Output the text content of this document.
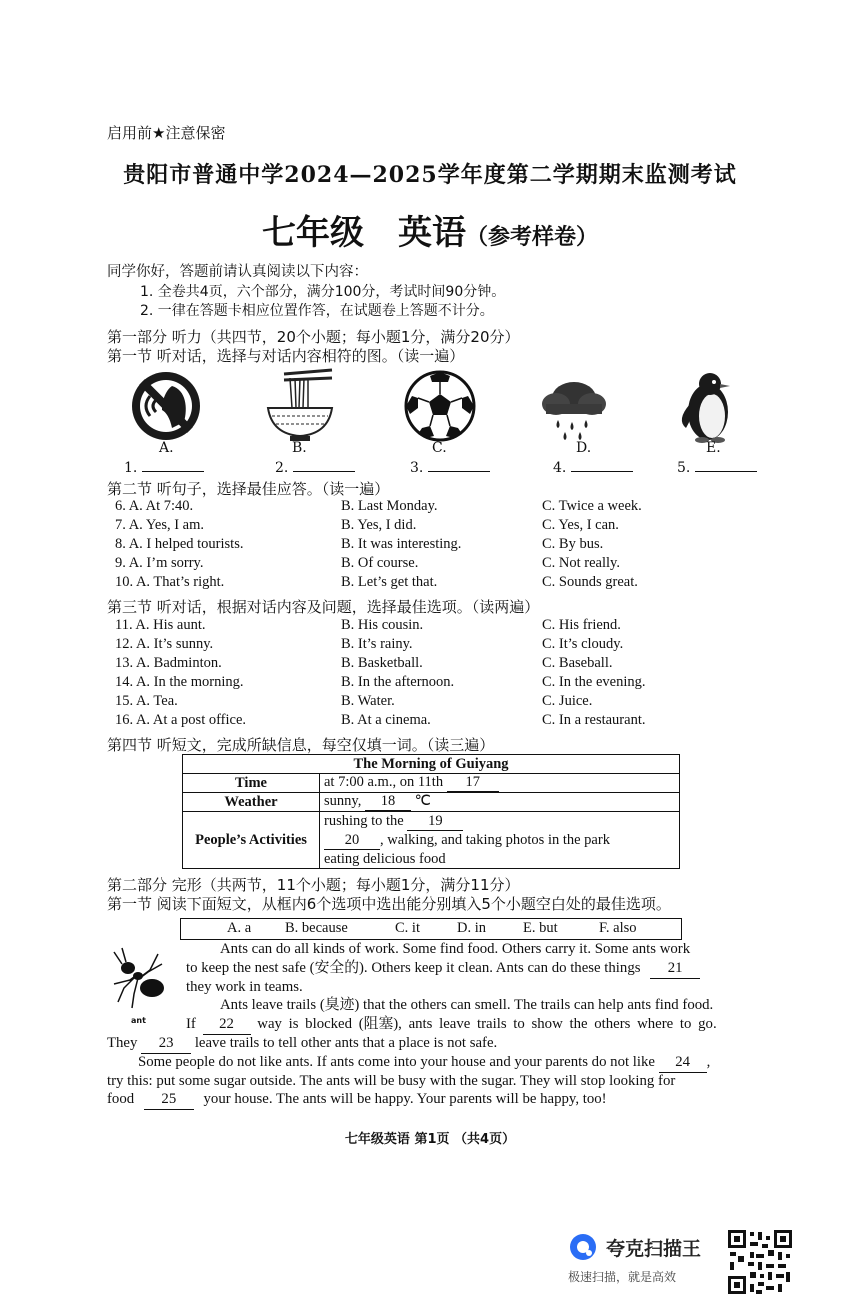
启用前★注意保密
贵阳市普通中学2024—2025学年度第二学期期末监测考试
七年级　英语（参考样卷）
同学你好，答题前请认真阅读以下内容：
1. 全卷共4页，六个部分，满分100分，考试时间90分钟。
2. 一律在答题卡相应位置作答，在试题卷上答题不计分。
第一部分 听力（共四节，20个小题；每小题1分，满分20分）
第一节 听对话，选择与对话内容相符的图。（读一遍）
A.	B.	C.	D.	E.
1.	2.	3.	4.	5.
第二节 听句子，选择最佳应答。（读一遍）
6. A. At 7:40.	B. Last Monday.	C. Twice a week.
7. A. Yes, I am.	B. Yes, I did.	C. Yes, I can.
8. A. I helped tourists.	B. It was interesting.	C. By bus.
9. A. I’m sorry.	B. Of course.	C. Not really.
10. A. That’s right.	B. Let’s get that.	C. Sounds great.
第三节 听对话，根据对话内容及问题，选择最佳选项。（读两遍）
11. A. His aunt.	B. His cousin.	C. His friend.
12. A. It’s sunny.	B. It’s rainy.	C. It’s cloudy.
13. A. Badminton.	B. Basketball.	C. Baseball.
14. A. In the morning.	B. In the afternoon.	C. In the evening.
15. A. Tea.	B. Water.	C. Juice.
16. A. At a post office.	B. At a cinema.	C. In a restaurant.
第四节 听短文，完成所缺信息，每空仅填一词。（读三遍）
The Morning of Guiyang	
Time	at 7:00 a.m., on 11th 17
Weather	sunny, 18 ℃
People’s Activities	rushing to the 19
20 , walking, and taking photos in the park
eating delicious food
第二部分 完形（共两节，11个小题；每小题1分，满分11分）
第一节 阅读下面短文，从框内6个选项中选出能分别填入5个小题空白处的最佳选项。
A. a B. because	C. it	D. in	E. but	F. also
ant
Ants can do all kinds of work. Some find food. Others carry it. Some ants work
to keep the nest safe (安全的). Others keep it clean. Ants can do these things 21
they work in teams.
Ants leave trails (臭迹) that the others can smell. The trails can help ants find food.
If 22 way is blocked (阻塞), ants leave trails to show the others where to go.
They 23 leave trails to tell other ants that a place is not safe.
Some people do not like ants. If ants come into your house and your parents do not like 24 ,
try this: put some sugar outside. The ants will be busy with the sugar. They will stop looking for
food 25 your house. The ants will be happy. Your parents will be happy, too!
七年级英语 第1页 （共4页）
夸克扫描王
极速扫描，就是高效
